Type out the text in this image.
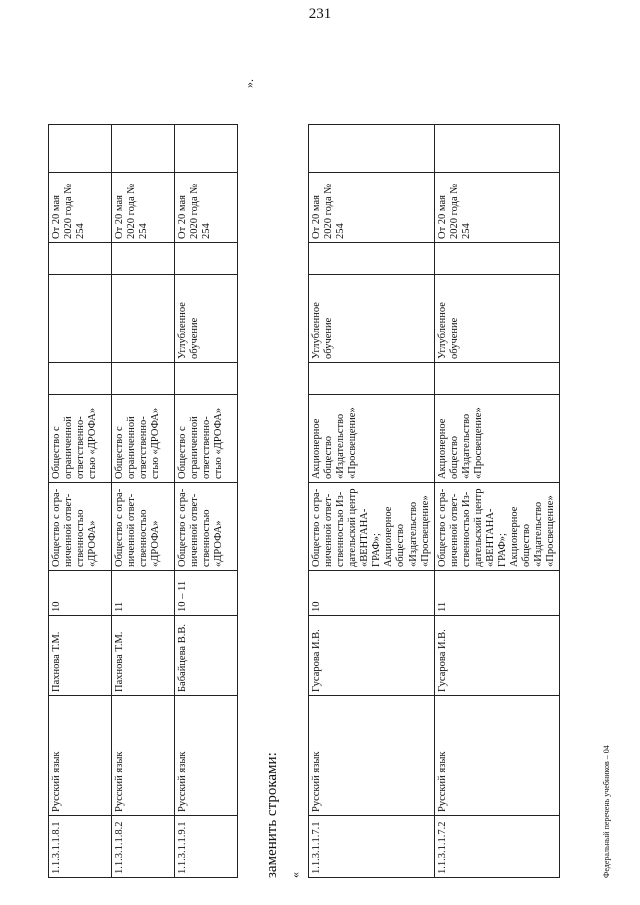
231
1.1.3.1.1.8.1	Русский язык	Пахнова Т.М.	10	Общество с огра-ниченной ответ-ственностью «ДРОФА»	Общество с ограниченной ответственно-стью «ДРОФА»				От 20 мая 2020 года № 254	
1.1.3.1.1.8.2	Русский язык	Пахнова Т.М.	11	Общество с огра-ниченной ответ-ственностью «ДРОФА»	Общество с ограниченной ответственно-стью «ДРОФА»				От 20 мая 2020 года № 254	
1.1.3.1.1.9.1	Русский язык	Бабайцева В.В.	10 – 11	Общество с огра-ниченной ответ-ственностью «ДРОФА»	Общество с ограниченной ответственно-стью «ДРОФА»		Углубленное обучение		От 20 мая 2020 года № 254	
».
заменить строками: «
1.1.3.1.1.7.1	Русский язык	Гусарова И.В.	10	Общество с огра-ниченной ответ-ственностью Из-дательский центр «ВЕНТАНА-ГРАФ»; Акционерное общество «Издательство «Просвещение»	Акционерное общество «Издательство «Просвещение»		Углубленное обучение		От 20 мая 2020 года № 254	
1.1.3.1.1.7.2	Русский язык	Гусарова И.В.	11	Общество с огра-ниченной ответ-ственностью Из-дательский центр «ВЕНТАНА-ГРАФ»; Акционерное общество «Издательство «Просвещение»	Акционерное общество «Издательство «Просвещение»		Углубленное обучение		От 20 мая 2020 года № 254	
Федеральный перечень учебников – 04
